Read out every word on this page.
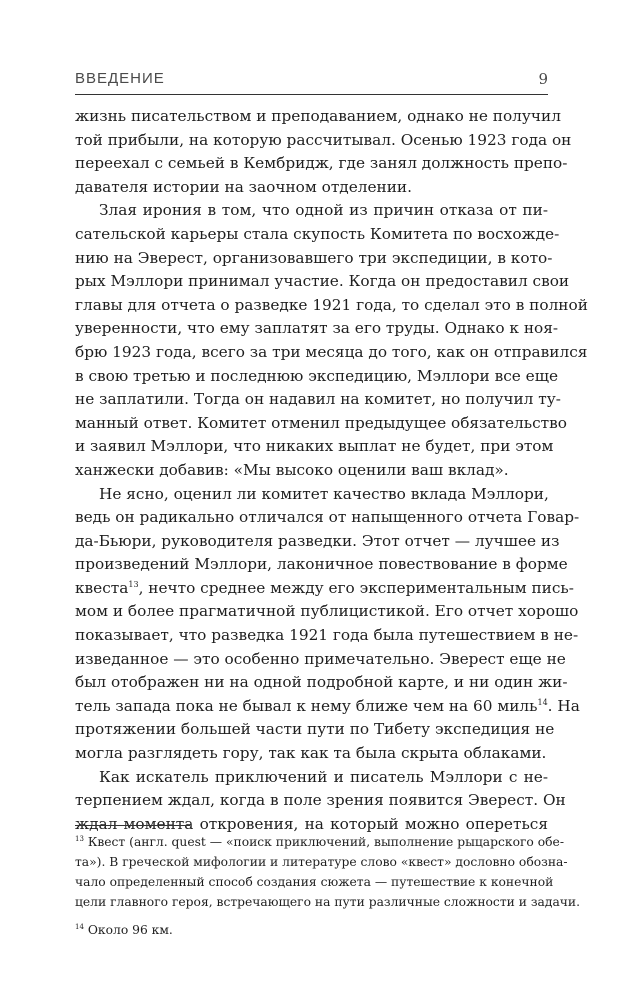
ВВЕДЕНИЕ	9
жизнь писательством и преподаванием, однако не получил
той прибыли, на которую рассчитывал. Осенью 1923 года он
переехал с семьей в Кембридж, где занял должность препо-
давателя истории на заочном отделении.
Злая ирония в том, что одной из причин отказа от пи-
сательской карьеры стала скупость Комитета по восхожде-
нию на Эверест, организовавшего три экспедиции, в кото-
рых Мэллори принимал участие. Когда он предоставил свои
главы для отчета о разведке 1921 года, то сделал это в полной
уверенности, что ему заплатят за его труды. Однако к ноя-
брю 1923 года, всего за три месяца до того, как он отправился
в свою третью и последнюю экспедицию, Мэллори все еще
не заплатили. Тогда он надавил на комитет, но получил ту-
манный ответ. Комитет отменил предыдущее обязательство
и заявил Мэллори, что никаких выплат не будет, при этом
ханжески добавив: «Мы высоко оценили ваш вклад».
Не ясно, оценил ли комитет качество вклада Мэллори,
ведь он радикально отличался от напыщенного отчета Говар-
да-Бьюри, руководителя разведки. Этот отчет — лучшее из
произведений Мэллори, лаконичное повествование в форме
квеста$^{13}$, нечто среднее между его экспериментальным пись-
мом и более прагматичной публицистикой. Его отчет хорошо
показывает, что разведка 1921 года была путешествием в не-
изведанное — это особенно примечательно. Эверест еще не
был отображен ни на одной подробной карте, и ни один жи-
тель запада пока не бывал к нему ближе чем на 60 миль$^{14}$. На
протяжении большей части пути по Тибету экспедиция не
могла разглядеть гору, так как та была скрыта облаками.
Как искатель приключений и писатель Мэллори с не-
терпением ждал, когда в поле зрения появится Эверест. Он
ждал момента откровения, на который можно опереться
$^{13}$ Квест (англ. quest — «поиск приключений, выполнение рыцарского обе-
та»). В греческой мифологии и литературе слово «квест» дословно обозна-
чало определенный способ создания сюжета — путешествие к конечной
цели главного героя, встречающего на пути различные сложности и задачи.
$^{14}$ Около 96 км.
